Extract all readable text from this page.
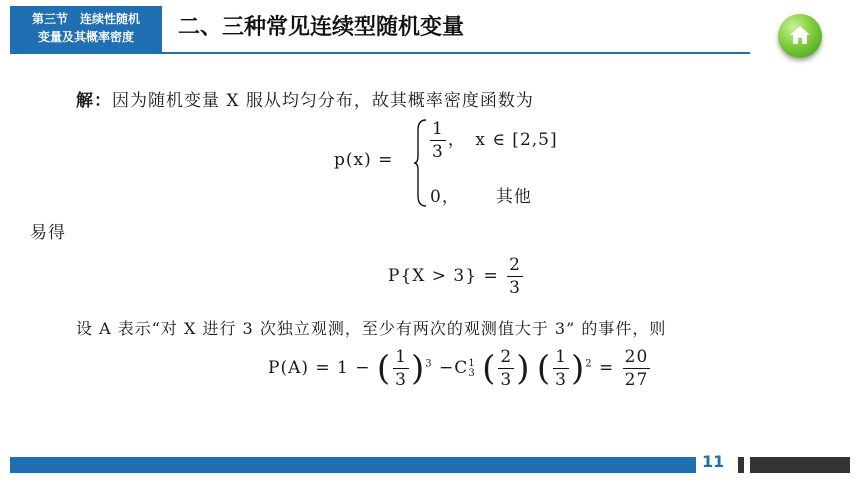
第三节　连续性随机
变量及其概率密度	二、三种常见连续型随机变量
解：因为随机变量 X 服从均匀分布，故其概率密度函数为
$p(x) = \frac{1}{3}$ ，　x ∈ [2,5]
0， 其他
易得
$P\{X > 3\} = \frac{2}{3}$
设 A 表示“对 X 进行 3 次独立观测，至少有两次的观测值大于 3” 的事件，则
P(A) = 1 − ( $\frac{1}{3} )^3 -C$ 1
3 ( $\frac{2}{3}$ ) ( $\frac{1}{3} )^2 = \frac{20}{27}$
11
